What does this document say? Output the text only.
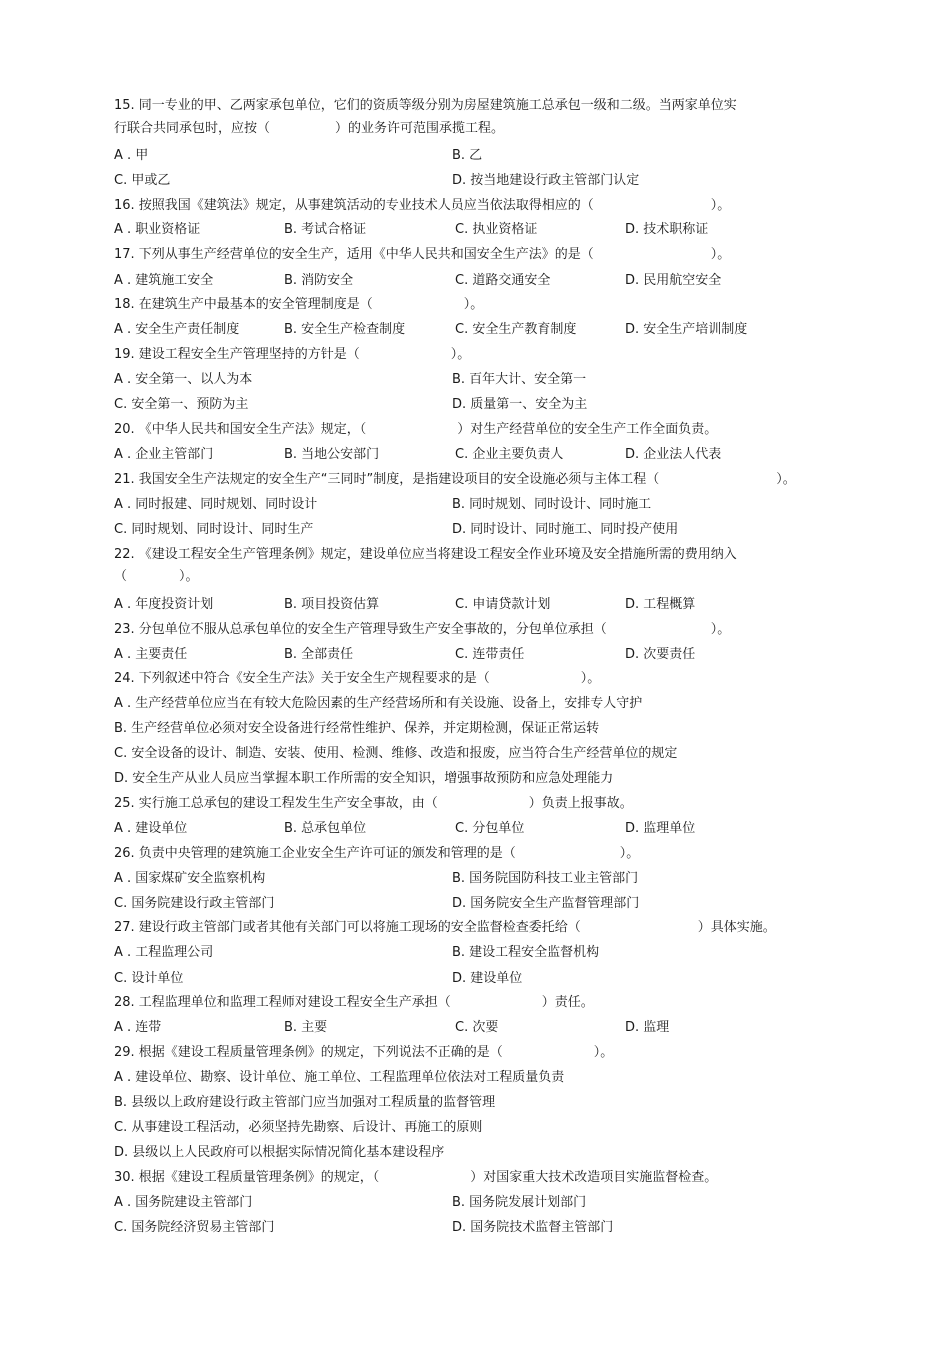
15. 同一专业的甲、乙两家承包单位，它们的资质等级分别为房屋建筑施工总承包一级和二级。当两家单位实
行联合共同承包时，应按（　　　　　）的业务许可范围承揽工程。
A . 甲	B. 乙
C. 甲或乙	D. 按当地建设行政主管部门认定
16. 按照我国《建筑法》规定，从事建筑活动的专业技术人员应当依法取得相应的（　　　　　　　　　）。
A . 职业资格证	B. 考试合格证	C. 执业资格证	D. 技术职称证
17. 下列从事生产经营单位的安全生产，适用《中华人民共和国安全生产法》的是（　　　　　　　　　）。
A . 建筑施工安全	B. 消防安全	C. 道路交通安全	D. 民用航空安全
18. 在建筑生产中最基本的安全管理制度是（　　　　　　　）。
A . 安全生产责任制度	B. 安全生产检查制度	C. 安全生产教育制度	D. 安全生产培训制度
19. 建设工程安全生产管理坚持的方针是（　　　　　　　）。
A . 安全第一、以人为本	B. 百年大计、安全第一
C. 安全第一、预防为主	D. 质量第一、安全为主
20. 《中华人民共和国安全生产法》规定，（　　　　　　　）对生产经营单位的安全生产工作全面负责。
A . 企业主管部门	B. 当地公安部门	C. 企业主要负责人	D. 企业法人代表
21. 我国安全生产法规定的安全生产“三同时”制度，是指建设项目的安全设施必须与主体工程（　　　　　　　　　）。
A . 同时报建、同时规划、同时设计	B. 同时规划、同时设计、同时施工
C. 同时规划、同时设计、同时生产	D. 同时设计、同时施工、同时投产使用
22. 《建设工程安全生产管理条例》规定，建设单位应当将建设工程安全作业环境及安全措施所需的费用纳入
（　　　　）。
A . 年度投资计划	B. 项目投资估算	C. 申请贷款计划	D. 工程概算
23. 分包单位不服从总承包单位的安全生产管理导致生产安全事故的，分包单位承担（　　　　　　　　）。
A . 主要责任	B. 全部责任	C. 连带责任	D. 次要责任
24. 下列叙述中符合《安全生产法》关于安全生产规程要求的是（　　　　　　　）。
A . 生产经营单位应当在有较大危险因素的生产经营场所和有关设施、设备上，安排专人守护
B. 生产经营单位必须对安全设备进行经常性维护、保养，并定期检测，保证正常运转
C. 安全设备的设计、制造、安装、使用、检测、维修、改造和报废，应当符合生产经营单位的规定
D. 安全生产从业人员应当掌握本职工作所需的安全知识，增强事故预防和应急处理能力
25. 实行施工总承包的建设工程发生生产安全事故，由（　　　　　　　）负责上报事故。
A . 建设单位	B. 总承包单位	C. 分包单位	D. 监理单位
26. 负责中央管理的建筑施工企业安全生产许可证的颁发和管理的是（　　　　　　　　）。
A . 国家煤矿安全监察机构	B. 国务院国防科技工业主管部门
C. 国务院建设行政主管部门	D. 国务院安全生产监督管理部门
27. 建设行政主管部门或者其他有关部门可以将施工现场的安全监督检查委托给（　　　　　　　　　）具体实施。
A . 工程监理公司	B. 建设工程安全监督机构
C. 设计单位	D. 建设单位
28. 工程监理单位和监理工程师对建设工程安全生产承担（　　　　　　　）责任。
A . 连带	B. 主要	C. 次要	D. 监理
29. 根据《建设工程质量管理条例》的规定，下列说法不正确的是（　　　　　　　）。
A . 建设单位、勘察、设计单位、施工单位、工程监理单位依法对工程质量负责
B. 县级以上政府建设行政主管部门应当加强对工程质量的监督管理
C. 从事建设工程活动，必须坚持先勘察、后设计、再施工的原则
D. 县级以上人民政府可以根据实际情况简化基本建设程序
30. 根据《建设工程质量管理条例》的规定，（　　　　　　　）对国家重大技术改造项目实施监督检查。
A . 国务院建设主管部门	B. 国务院发展计划部门
C. 国务院经济贸易主管部门	D. 国务院技术监督主管部门
